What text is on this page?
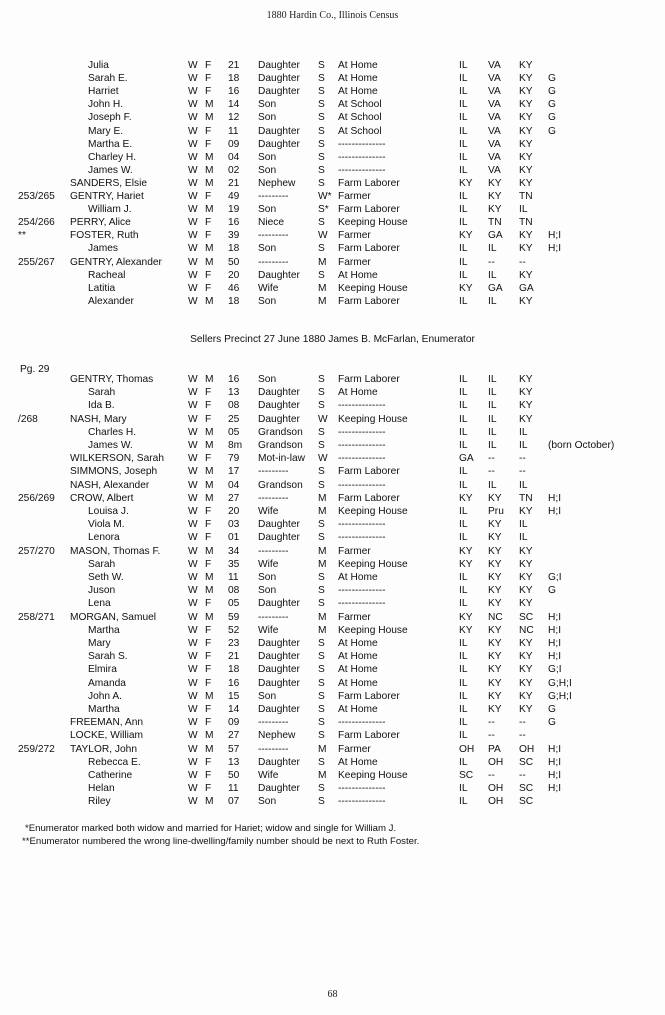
1880 Hardin Co., Illinois Census
Julia	W F 21 Daughter S At Home	IL VA KY
Sarah E.	W F 18 Daughter S At Home	IL VA KY G
Harriet	W F 16 Daughter S At Home	IL VA KY G
John H.	W M 14 Son	S At School	IL VA KY G
Joseph F.	W M 12 Son	S At School	IL VA KY G
Mary E.	W F 11 Daughter S At School	IL VA KY G
Martha E.	W F 09 Daughter S --------------	IL VA KY
Charley H.	W M 04 Son	S --------------	IL VA KY
James W.	W M 02 Son	S --------------	IL VA KY
SANDERS, Elsie	W M 21 Nephew S Farm Laborer	KY KY KY
253/265 GENTRY, Hariet	W F 49 ---------	W* Farmer	IL KY TN
William J.	W M 19 Son	S* Farm Laborer	IL KY IL
254/266 PERRY, Alice	W F 16 Niece	S Keeping House	IL TN TN
**	FOSTER, Ruth	W F 39 ---------	W Farmer	KY GA KY H;I
James	W M 18 Son	S Farm Laborer	IL IL KY H;I
255/267 GENTRY, Alexander	W M 50 ---------	M Farmer	IL -- --
Racheal	W F 20 Daughter S At Home	IL IL KY
Latitia	W F 46 Wife	M Keeping House	KY GA GA
Alexander	W M 18 Son	M Farm Laborer	IL IL KY
Sellers Precinct 27 June 1880 James B. McFarlan, Enumerator
Pg. 29
GENTRY, Thomas	W M 16 Son	S Farm Laborer	IL IL KY
Sarah	W F 13 Daughter S At Home	IL IL KY
Ida B.	W F 08 Daughter S --------------	IL IL KY
/268	NASH, Mary	W F 25 Daughter W Keeping House	IL IL KY
Charles H.	W M 05 Grandson S --------------	IL IL IL
James W.	W M 8m Grandson S --------------	IL IL IL (born October)
WILKERSON, Sarah W F 79 Mot-in-law W --------------	GA -- --
SIMMONS, Joseph	W M 17 ---------	S Farm Laborer	IL -- --
NASH, Alexander	W M 04 Grandson S --------------	IL IL IL
256/269 CROW, Albert	W M 27 ---------	M Farm Laborer	KY KY TN H;I
Louisa J.	W F 20 Wife	M Keeping House	IL Pru KY H;I
Viola M.	W F 03 Daughter S --------------	IL KY IL
Lenora	W F 01 Daughter S --------------	IL KY IL
257/270 MASON, Thomas F.	W M 34 ---------	M Farmer	KY KY KY
Sarah	W F 35 Wife	M Keeping House	KY KY KY
Seth W.	W M 11 Son	S At Home	IL KY KY G;I
Juson	W M 08 Son	S --------------	IL KY KY G
Lena	W F 05 Daughter S --------------	IL KY KY
258/271 MORGAN, Samuel	W M 59 ---------	M Farmer	KY NC SC H;I
Martha	W F 52 Wife	M Keeping House	KY KY NC H;I
Mary	W F 23 Daughter S At Home	IL KY KY H;I
Sarah S.	W F 21 Daughter S At Home	IL KY KY H;I
Elmira	W F 18 Daughter S At Home	IL KY KY G;I
Amanda	W F 16 Daughter S At Home	IL KY KY G;H;I
John A.	W M 15 Son	S Farm Laborer	IL KY KY G;H;I
Martha	W F 14 Daughter S At Home	IL KY KY G
FREEMAN, Ann	W F 09 ---------	S --------------	IL -- -- G
LOCKE, William	W M 27 Nephew S Farm Laborer	IL -- --
259/272 TAYLOR, John	W M 57 ---------	M Farmer	OH PA OH H;I
Rebecca E.	W F 13 Daughter S At Home	IL OH SC H;I
Catherine	W F 50 Wife	M Keeping House	SC -- -- H;I
Helan	W F 11 Daughter S --------------	IL OH SC H;I
Riley	W M 07 Son	S --------------	IL OH SC
*Enumerator marked both widow and married for Hariet; widow and single for William J.
**Enumerator numbered the wrong line-dwelling/family number should be next to Ruth Foster.
68
